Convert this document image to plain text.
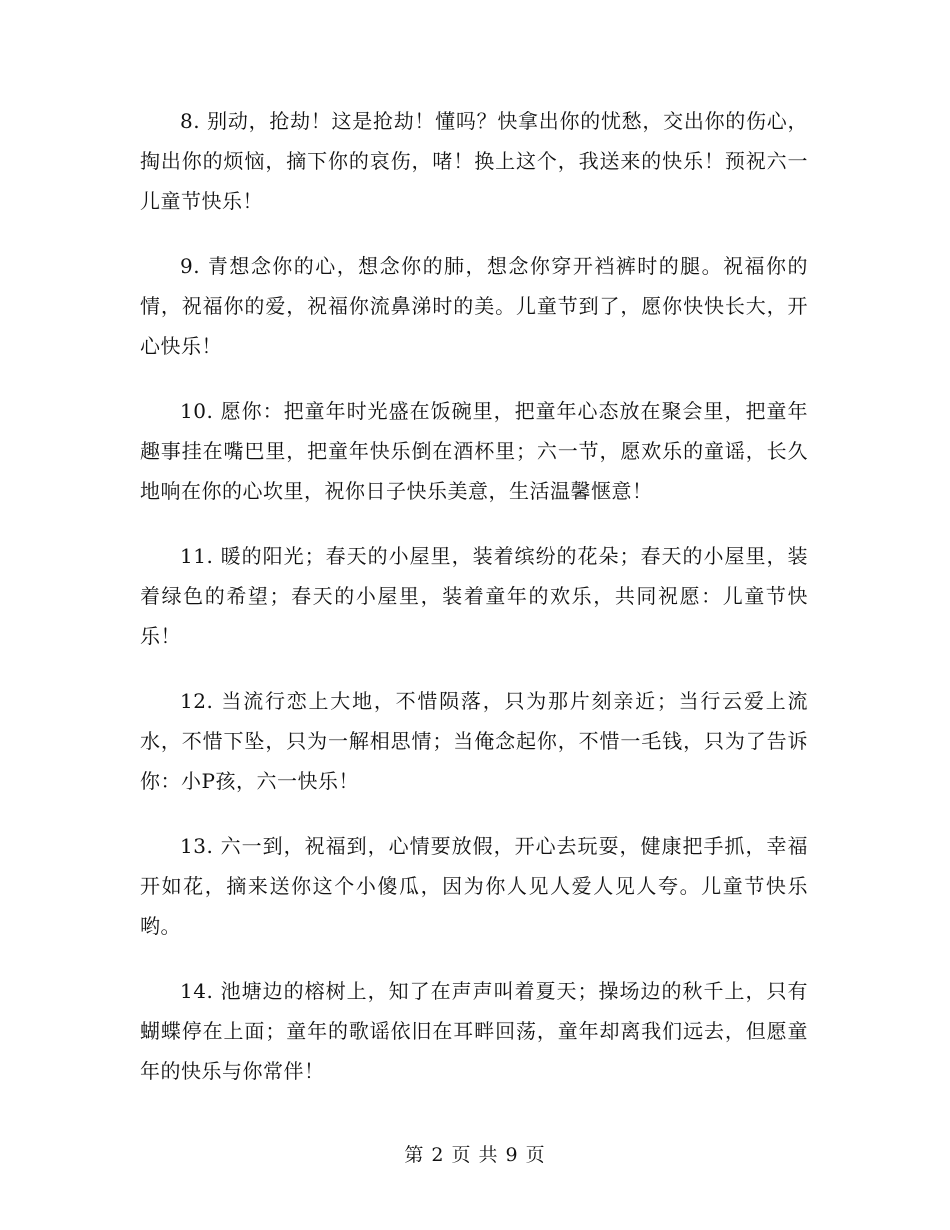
8. 别动，抢劫！这是抢劫！懂吗？快拿出你的忧愁，交出你的伤心，掏出你的烦恼，摘下你的哀伤，啫！换上这个，我送来的快乐！预祝六一儿童节快乐！

9. 青想念你的心，想念你的肺，想念你穿开裆裤时的腿。祝福你的情，祝福你的爱，祝福你流鼻涕时的美。儿童节到了，愿你快快长大，开心快乐！

10. 愿你：把童年时光盛在饭碗里，把童年心态放在聚会里，把童年趣事挂在嘴巴里，把童年快乐倒在酒杯里；六一节，愿欢乐的童谣，长久地响在你的心坎里，祝你日子快乐美意，生活温馨惬意！

11. 暖的阳光；春天的小屋里，装着缤纷的花朵；春天的小屋里，装着绿色的希望；春天的小屋里，装着童年的欢乐，共同祝愿：儿童节快乐！

12. 当流行恋上大地，不惜陨落，只为那片刻亲近；当行云爱上流水，不惜下坠，只为一解相思情；当俺念起你，不惜一毛钱，只为了告诉你：小P孩，六一快乐！

13. 六一到，祝福到，心情要放假，开心去玩耍，健康把手抓，幸福开如花，摘来送你这个小傻瓜，因为你人见人爱人见人夸。儿童节快乐哟。

14. 池塘边的榕树上，知了在声声叫着夏天；操场边的秋千上，只有蝴蝶停在上面；童年的歌谣依旧在耳畔回荡，童年却离我们远去，但愿童年的快乐与你常伴！

第 2 页 共 9 页
